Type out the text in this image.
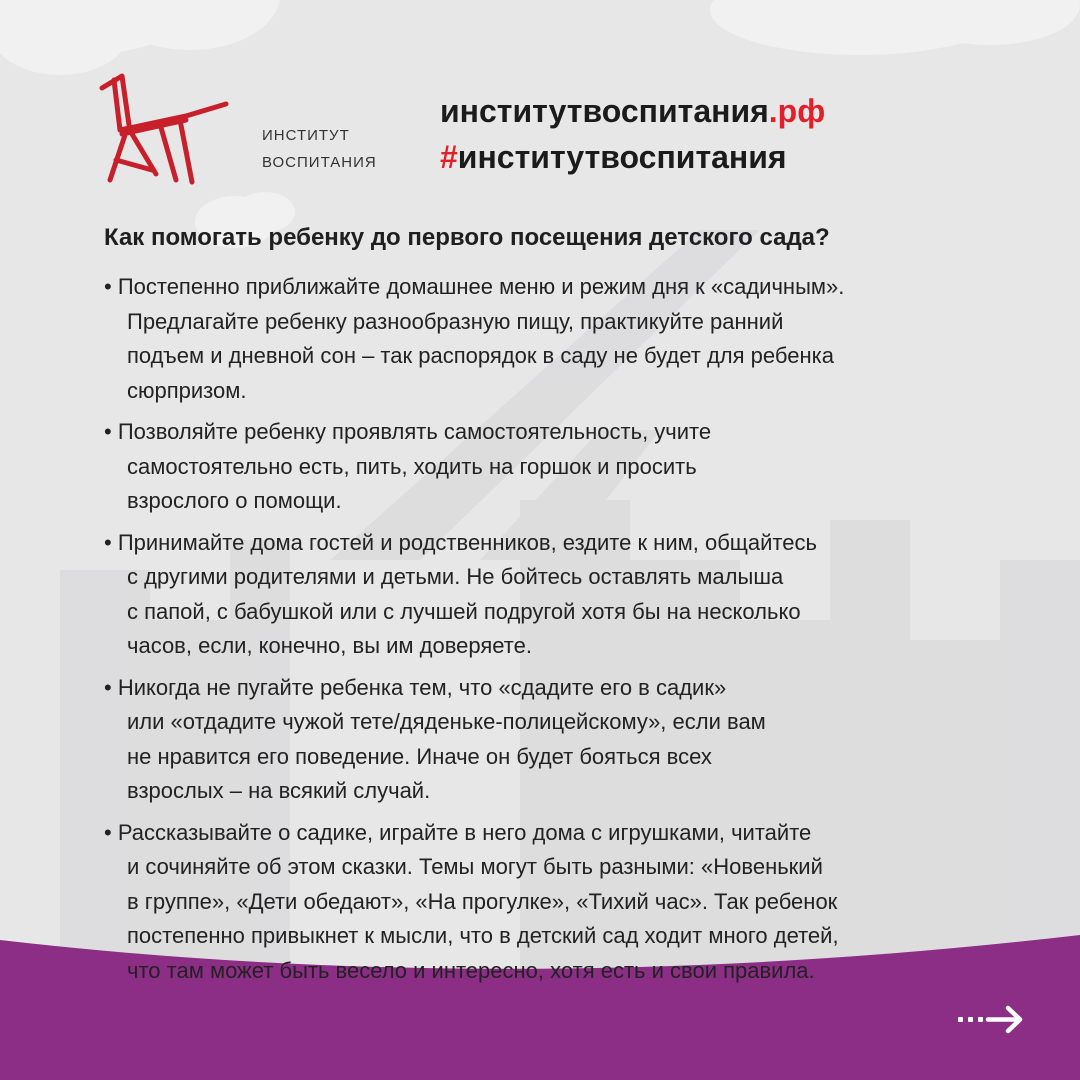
ИНСТИТУТ
ВОСПИТАНИЯ
институтвоспитания.рф
#институтвоспитания
Как помогать ребенку до первого посещения детского сада?
• Постепенно приближайте домашнее меню и режим дня к «садичным».
Предлагайте ребенку разнообразную пищу, практикуйте ранний
подъем и дневной сон – так распорядок в саду не будет для ребенка
сюрпризом.
• Позволяйте ребенку проявлять самостоятельность, учите
самостоятельно есть, пить, ходить на горшок и просить
взрослого о помощи.
• Принимайте дома гостей и родственников, ездите к ним, общайтесь
с другими родителями и детьми. Не бойтесь оставлять малыша
с папой, с бабушкой или с лучшей подругой хотя бы на несколько
часов, если, конечно, вы им доверяете.
• Никогда не пугайте ребенка тем, что «сдадите его в садик»
или «отдадите чужой тете/дяденьке-полицейскому», если вам
не нравится его поведение. Иначе он будет бояться всех
взрослых – на всякий случай.
• Рассказывайте о садике, играйте в него дома с игрушками, читайте
и сочиняйте об этом сказки. Темы могут быть разными: «Новенький
в группе», «Дети обедают», «На прогулке», «Тихий час». Так ребенок
постепенно привыкнет к мысли, что в детский сад ходит много детей,
что там может быть весело и интересно, хотя есть и свои правила.
